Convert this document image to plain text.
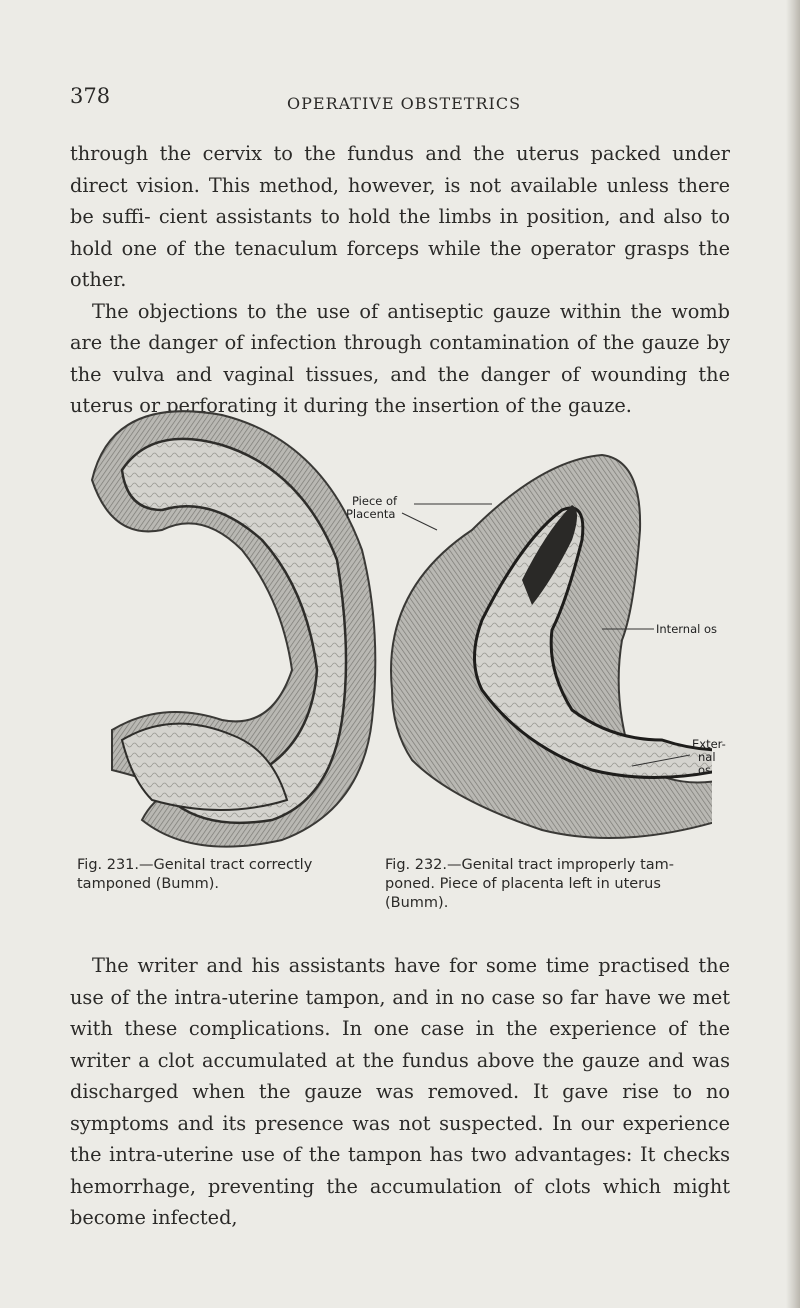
378	OPERATIVE OBSTETRICS

through the cervix to the fundus and the uterus packed under direct vision. This method, however, is not available unless there be suffi- cient assistants to hold the limbs in position, and also to hold one of the tenaculum forceps while the operator grasps the other.

The objections to the use of antiseptic gauze within the womb are the danger of infection through contamination of the gauze by the vulva and vaginal tissues, and the danger of wounding the uterus or perforating it during the insertion of the gauze.

Piece of
Placenta
Internal os
Exter-
nal os
Fig. 231.—Genital tract correctly tamponed (Bumm).
Fig. 232.—Genital tract improperly tam- poned. Piece of placenta left in uterus (Bumm).
The writer and his assistants have for some time practised the use of the intra-uterine tampon, and in no case so far have we met with these complications. In one case in the experience of the writer a clot accumulated at the fundus above the gauze and was discharged when the gauze was removed. It gave rise to no symptoms and its presence was not suspected. In our experience the intra-uterine use of the tampon has two advantages: It checks hemorrhage, preventing the accumulation of clots which might become infected,
